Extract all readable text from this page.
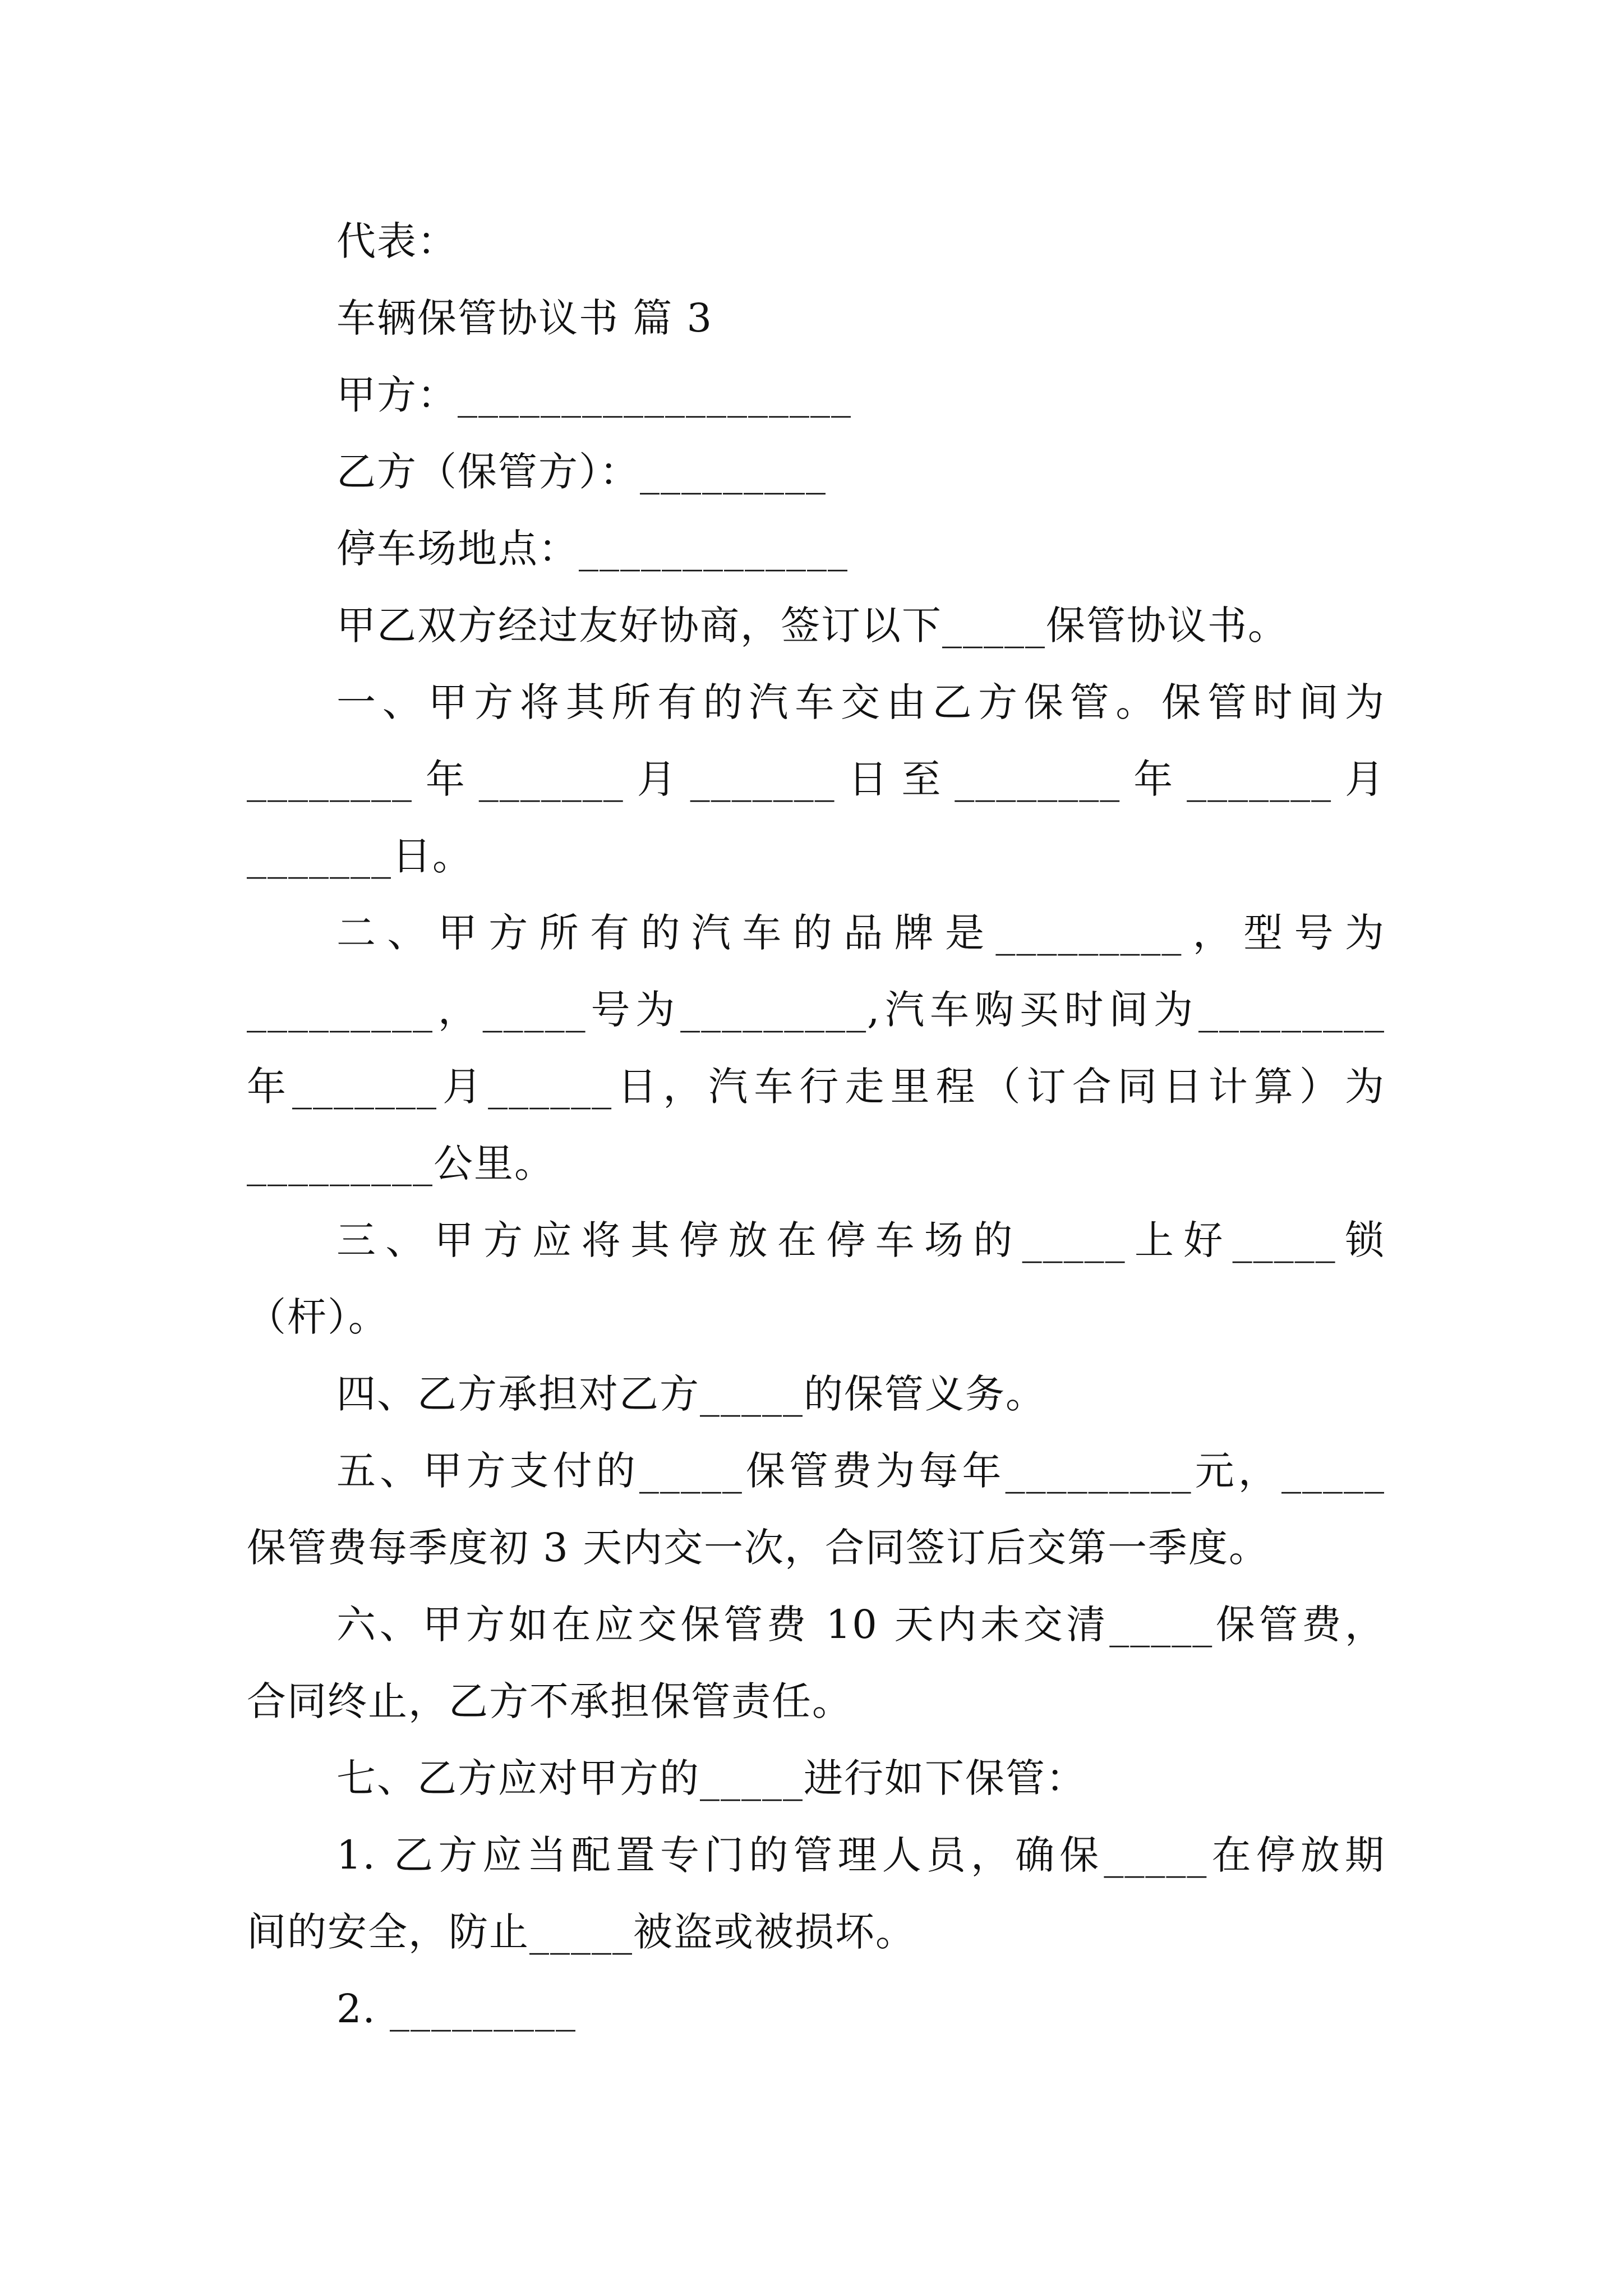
代表：
车辆保管协议书 篇 3
甲方：___________________
乙方（保管方）：_________
停车场地点：_____________
甲乙双方经过友好协商，签订以下_____保管协议书。
一、甲方将其所有的汽车交由乙方保管。保管时间为
________年_______月_______日至________年_______月
_______日。
二、甲方所有的汽车的品牌是_________，型号为
_________，_____号为_________,汽车购买时间为_________
年_______月______日，汽车行走里程（订合同日计算）为
_________公里。
三、甲方应将其停放在停车场的_____上好_____锁
（杆）。
四、乙方承担对乙方_____的保管义务。
五、甲方支付的_____保管费为每年_________元，_____
保管费每季度初 3 天内交一次，合同签订后交第一季度。
六、甲方如在应交保管费 10 天内未交清_____保管费，
合同终止，乙方不承担保管责任。
七、乙方应对甲方的_____进行如下保管：
1. 乙方应当配置专门的管理人员，确保_____在停放期
间的安全，防止_____被盗或被损坏。
2. _________
